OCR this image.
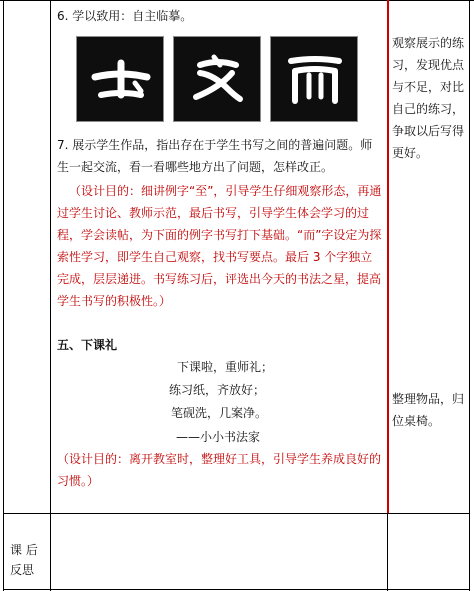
6. 学以致用：自主临摹。
7. 展示学生作品，指出存在于学生书写之间的普遍问题。师生一起交流，看一看哪些地方出了问题，怎样改正。
（设计目的：细讲例字“至”，引导学生仔细观察形态，再通过学生讨论、教师示范，最后书写，引导学生体会学习的过程，学会读帖，为下面的例字书写打下基础。“而”字设定为探索性学习，即学生自己观察，找书写要点。最后 3 个字独立完成，层层递进。书写练习后，评选出今天的书法之星，提高学生书写的积极性。）
五、下课礼
下课啦，重师礼；
练习纸，齐放好；
笔砚洗，几案净。
——小小书法家
（设计目的：离开教室时，整理好工具，引导学生养成良好的习惯。）
观察展示的练习，发现优点与不足，对比自己的练习，争取以后写得更好。
整理物品，归位桌椅。
课 后
反思
